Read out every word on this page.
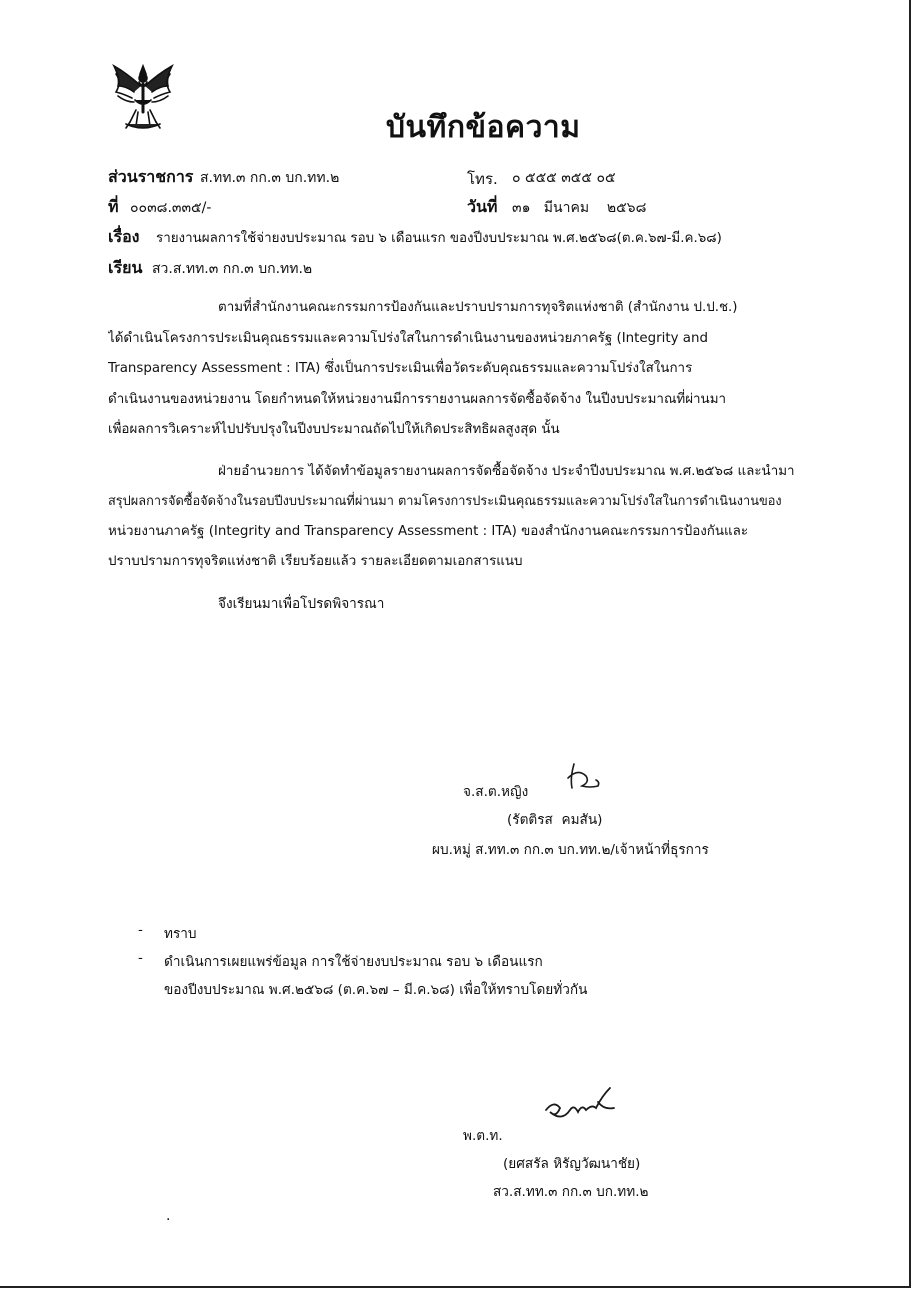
บันทึกข้อความ
ส่วนราชการ ส.ทท.๓ กก.๓ บก.ทท.๒	โทร. ๐ ๕๕๕ ๓๕๕ ๐๕
ที่ ๐๐๓๘.๓๓๕/-	วันที่ ๓๑   มีนาคม    ๒๕๖๘
เรื่อง รายงานผลการใช้จ่ายงบประมาณ รอบ ๖ เดือนแรก ของปีงบประมาณ พ.ศ.๒๕๖๘(ต.ค.๖๗-มี.ค.๖๘)
เรียน สว.ส.ทท.๓ กก.๓ บก.ทท.๒
ตามที่สำนักงานคณะกรรมการป้องกันและปราบปรามการทุจริตแห่งชาติ (สำนักงาน ป.ป.ช.)
ได้ดำเนินโครงการประเมินคุณธรรมและความโปร่งใสในการดำเนินงานของหน่วยภาครัฐ (Integrity and
Transparency Assessment : ITA) ซึ่งเป็นการประเมินเพื่อวัดระดับคุณธรรมและความโปร่งใสในการ
ดำเนินงานของหน่วยงาน โดยกำหนดให้หน่วยงานมีการรายงานผลการจัดซื้อจัดจ้าง ในปีงบประมาณที่ผ่านมา
เพื่อผลการวิเคราะห์ไปปรับปรุงในปีงบประมาณถัดไปให้เกิดประสิทธิผลสูงสุด นั้น
ฝ่ายอำนวยการ ได้จัดทำข้อมูลรายงานผลการจัดซื้อจัดจ้าง ประจำปีงบประมาณ พ.ศ.๒๕๖๘ และนำมา
สรุปผลการจัดซื้อจัดจ้างในรอบปีงบประมาณที่ผ่านมา ตามโครงการประเมินคุณธรรมและความโปร่งใสในการดำเนินงานของ
หน่วยงานภาครัฐ (Integrity and Transparency Assessment : ITA) ของสำนักงานคณะกรรมการป้องกันและ
ปราบปรามการทุจริตแห่งชาติ เรียบร้อยแล้ว รายละเอียดตามเอกสารแนบ
จึงเรียนมาเพื่อโปรดพิจารณา
จ.ส.ต.หญิง
(รัตติรส  คมสัน)
ผบ.หมู่ ส.ทท.๓ กก.๓ บก.ทท.๒/เจ้าหน้าที่ธุรการ
- ทราบ
- ดำเนินการเผยแพร่ข้อมูล การใช้จ่ายงบประมาณ รอบ ๖ เดือนแรก
ของปีงบประมาณ พ.ศ.๒๕๖๘ (ต.ค.๖๗ – มี.ค.๖๘) เพื่อให้ทราบโดยทั่วกัน
พ.ต.ท.
(ยศสรัล หิรัญวัฒนาชัย)
สว.ส.ทท.๓ กก.๓ บก.ทท.๒
.
